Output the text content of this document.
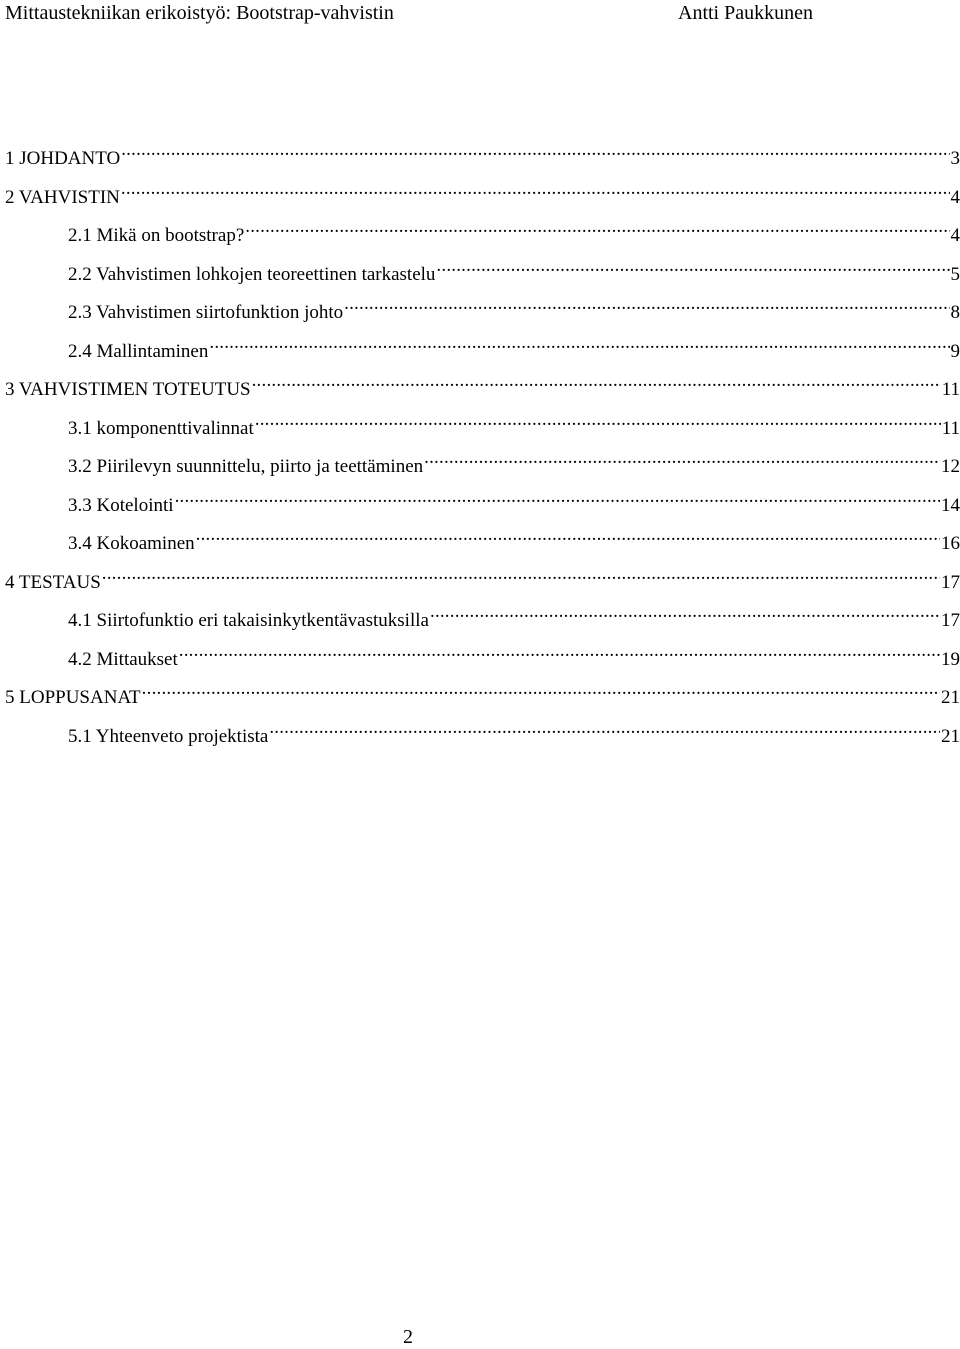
Mittaustekniikan erikoistyö: Bootstrap-vahvistin	Antti Paukkunen
1 JOHDANTO .....	3
2 VAHVISTIN .....	4
2.1 Mikä on bootstrap? .....	4
2.2 Vahvistimen lohkojen teoreettinen tarkastelu .....	5
2.3 Vahvistimen siirtofunktion johto .....	8
2.4 Mallintaminen .....	9
3 VAHVISTIMEN TOTEUTUS .....	11
3.1 komponenttivalinnat .....	11
3.2 Piirilevyn suunnittelu, piirto ja teettäminen .....	12
3.3 Kotelointi .....	14
3.4 Kokoaminen .....	16
4 TESTAUS .....	17
4.1 Siirtofunktio eri takaisinkytkentävastuksilla .....	17
4.2 Mittaukset .....	19
5 LOPPUSANAT .....	21
5.1 Yhteenveto projektista .....	21
2
